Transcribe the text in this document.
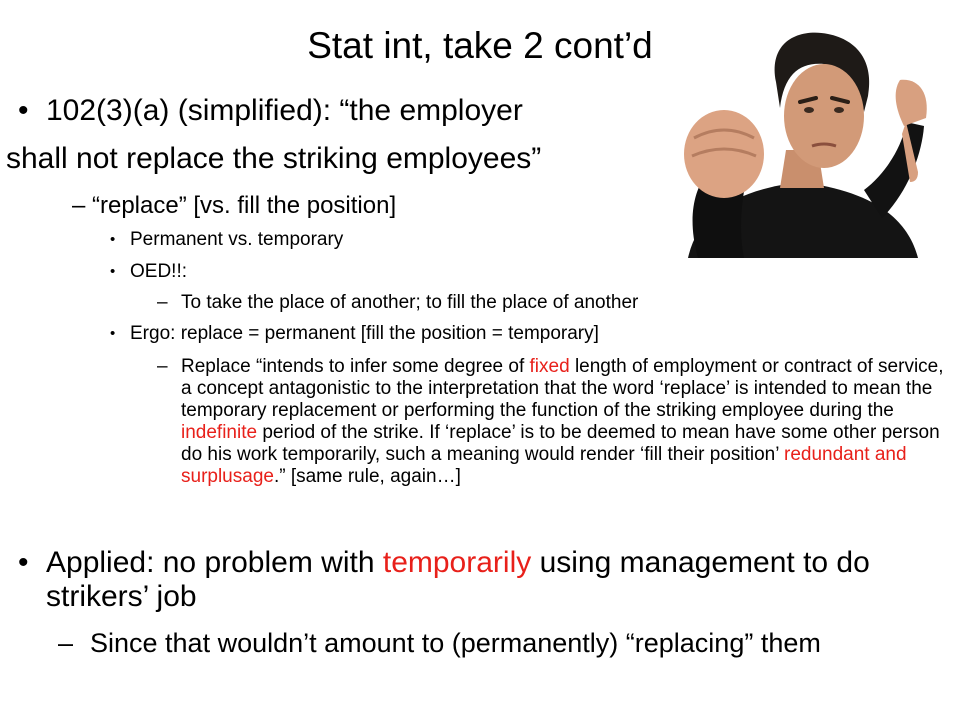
Stat int, take 2 cont’d
• 102(3)(a) (simplified): “the employer
shall not replace the striking employees”
– “replace” [vs. fill the position]
• Permanent vs. temporary
• OED!!:
– To take the place of another; to fill the place of another
• Ergo: replace = permanent [fill the position = temporary]
– Replace “intends to infer some degree of fixed length of employment or contract of service, a concept antagonistic to the interpretation that the word ‘replace’ is intended to mean the temporary replacement or performing the function of the striking employee during the indefinite period of the strike. If ‘replace’ is to be deemed to mean have some other person do his work temporarily, such a meaning would render ‘fill their position’ redundant and surplusage.” [same rule, again…]
• Applied: no problem with temporarily using management to do strikers’ job
– Since that wouldn’t amount to (permanently) “replacing” them
